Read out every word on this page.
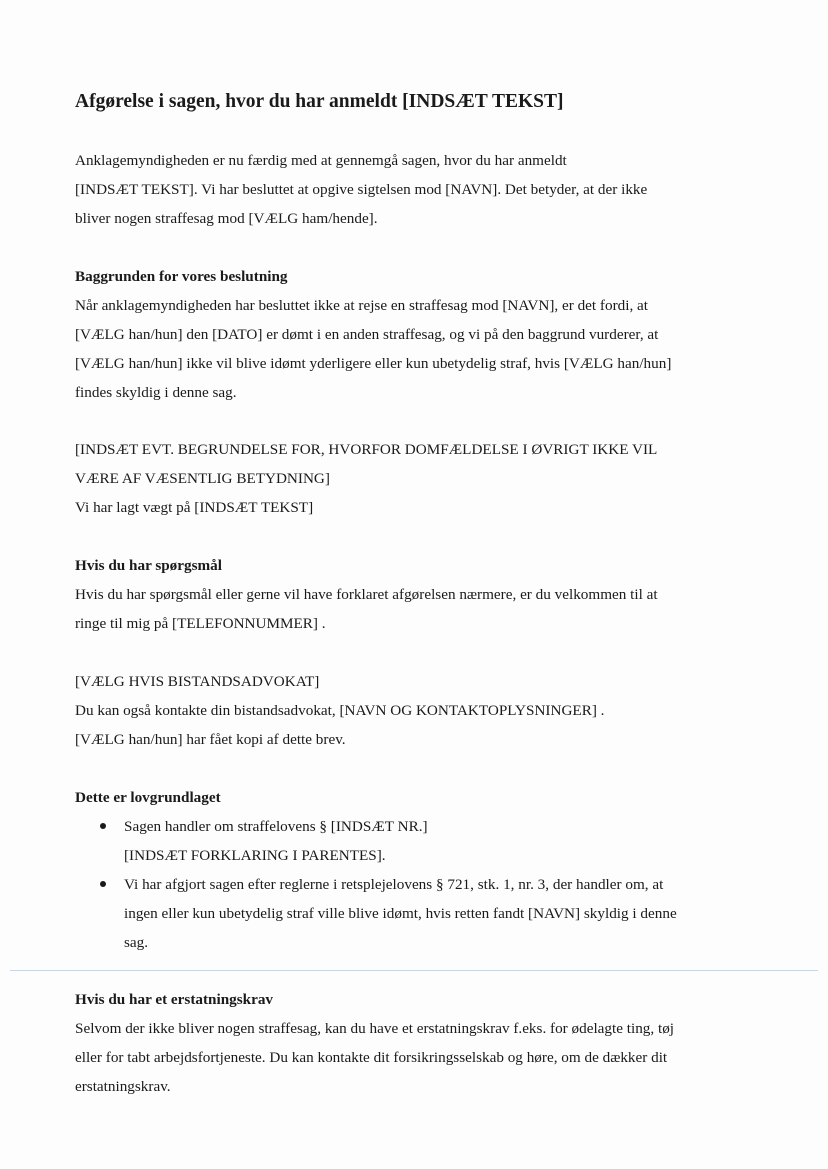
Afgørelse i sagen, hvor du har anmeldt [INDSÆT TEKST]
Anklagemyndigheden er nu færdig med at gennemgå sagen, hvor du har anmeldt
[INDSÆT TEKST]. Vi har besluttet at opgive sigtelsen mod [NAVN]. Det betyder, at der ikke
bliver nogen straffesag mod [VÆLG ham/hende].
Baggrunden for vores beslutning
Når anklagemyndigheden har besluttet ikke at rejse en straffesag mod [NAVN], er det fordi, at
[VÆLG han/hun] den [DATO] er dømt i en anden straffesag, og vi på den baggrund vurderer, at
[VÆLG han/hun] ikke vil blive idømt yderligere eller kun ubetydelig straf, hvis [VÆLG han/hun]
findes skyldig i denne sag.
[INDSÆT EVT. BEGRUNDELSE FOR, HVORFOR DOMFÆLDELSE I ØVRIGT IKKE VIL
VÆRE AF VÆSENTLIG BETYDNING]
Vi har lagt vægt på [INDSÆT TEKST]
Hvis du har spørgsmål
Hvis du har spørgsmål eller gerne vil have forklaret afgørelsen nærmere, er du velkommen til at
ringe til mig på [TELEFONNUMMER] .
[VÆLG HVIS BISTANDSADVOKAT]
Du kan også kontakte din bistandsadvokat, [NAVN OG KONTAKTOPLYSNINGER] .
[VÆLG han/hun] har fået kopi af dette brev.
Dette er lovgrundlaget
Sagen handler om straffelovens § [INDSÆT NR.]
[INDSÆT FORKLARING I PARENTES].
Vi har afgjort sagen efter reglerne i retsplejelovens § 721, stk. 1, nr. 3, der handler om, at
ingen eller kun ubetydelig straf ville blive idømt, hvis retten fandt [NAVN] skyldig i denne
sag.
Hvis du har et erstatningskrav
Selvom der ikke bliver nogen straffesag, kan du have et erstatningskrav f.eks. for ødelagte ting, tøj
eller for tabt arbejdsfortjeneste. Du kan kontakte dit forsikringsselskab og høre, om de dækker dit
erstatningskrav.
